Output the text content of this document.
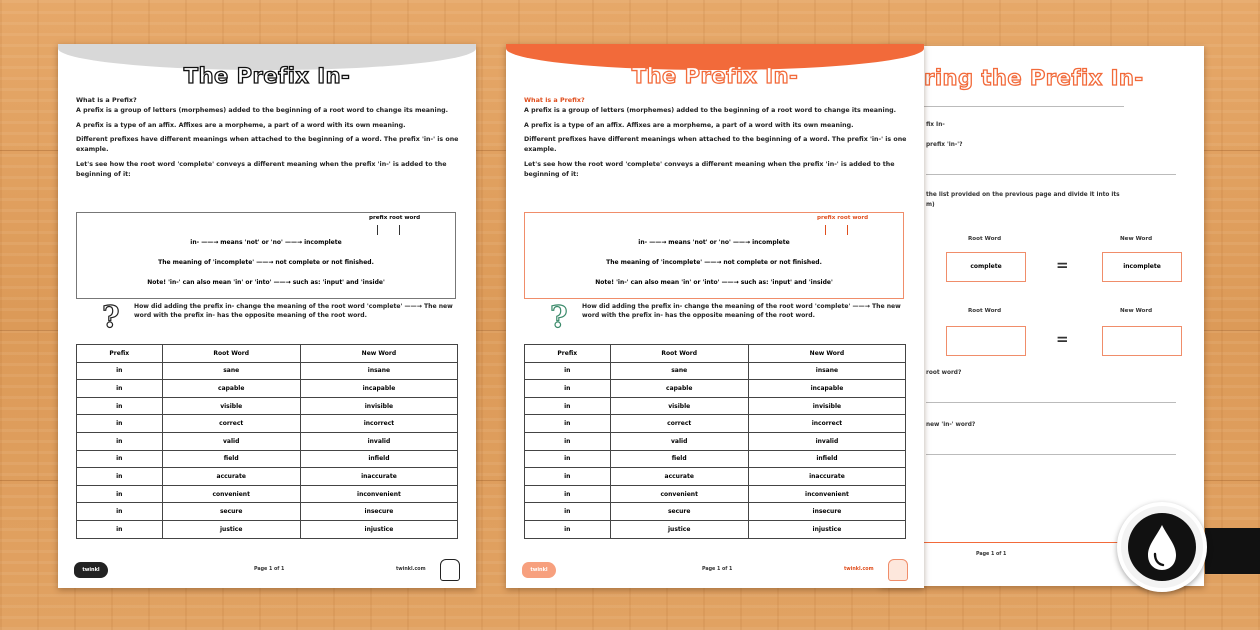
The Prefix In-
What is a Prefix?
A prefix is a group of letters (morphemes) added to the beginning of a root word to change its meaning.
A prefix is a type of an affix. Affixes are a morpheme, a part of a word with its own meaning.
Different prefixes have different meanings when attached to the beginning of a word. The prefix 'in-' is one example.
Let's see how the root word 'complete' conveys a different meaning when the prefix 'in-' is added to the beginning of it:
prefix root word
in- ——→ means 'not' or 'no' ——→ incomplete
The meaning of 'incomplete' ——→ not complete or not finished.
Note! 'in-' can also mean 'in' or 'into' ——→ such as: 'input' and 'inside'
? How did adding the prefix in- change the meaning of the root word 'complete' ——→ The new word with the prefix in- has the opposite meaning of the root word.
Prefix	Root Word	New Word
in	sane	insane
in	capable	incapable
in	visible	invisible
in	correct	incorrect
in	valid	invalid
in	field	infield
in	accurate	inaccurate
in	convenient	inconvenient
in	secure	insecure
in	justice	injustice
twinkl	Page 1 of 1	twinkl.com
ring the Prefix In-
fix In-
prefix 'in-'?
the list provided on the previous page and divide it into its
m)
Root Word	New Word
complete	=	incomplete
Root Word	New Word
=
root word?
new 'in-' word?
Page 1 of 1
The Prefix In-
What is a Prefix?
A prefix is a group of letters (morphemes) added to the beginning of a root word to change its meaning.
A prefix is a type of an affix. Affixes are a morpheme, a part of a word with its own meaning.
Different prefixes have different meanings when attached to the beginning of a word. The prefix 'in-' is one example.
Let's see how the root word 'complete' conveys a different meaning when the prefix 'in-' is added to the beginning of it:
prefix root word
in- ——→ means 'not' or 'no' ——→ incomplete
The meaning of 'incomplete' ——→ not complete or not finished.
Note! 'in-' can also mean 'in' or 'into' ——→ such as: 'input' and 'inside'
? How did adding the prefix in- change the meaning of the root word 'complete' ——→ The new word with the prefix in- has the opposite meaning of the root word.
Prefix	Root Word	New Word
in	sane	insane
in	capable	incapable
in	visible	invisible
in	correct	incorrect
in	valid	invalid
in	field	infield
in	accurate	inaccurate
in	convenient	inconvenient
in	secure	insecure
in	justice	injustice
twinkl	Page 1 of 1	twinkl.com
